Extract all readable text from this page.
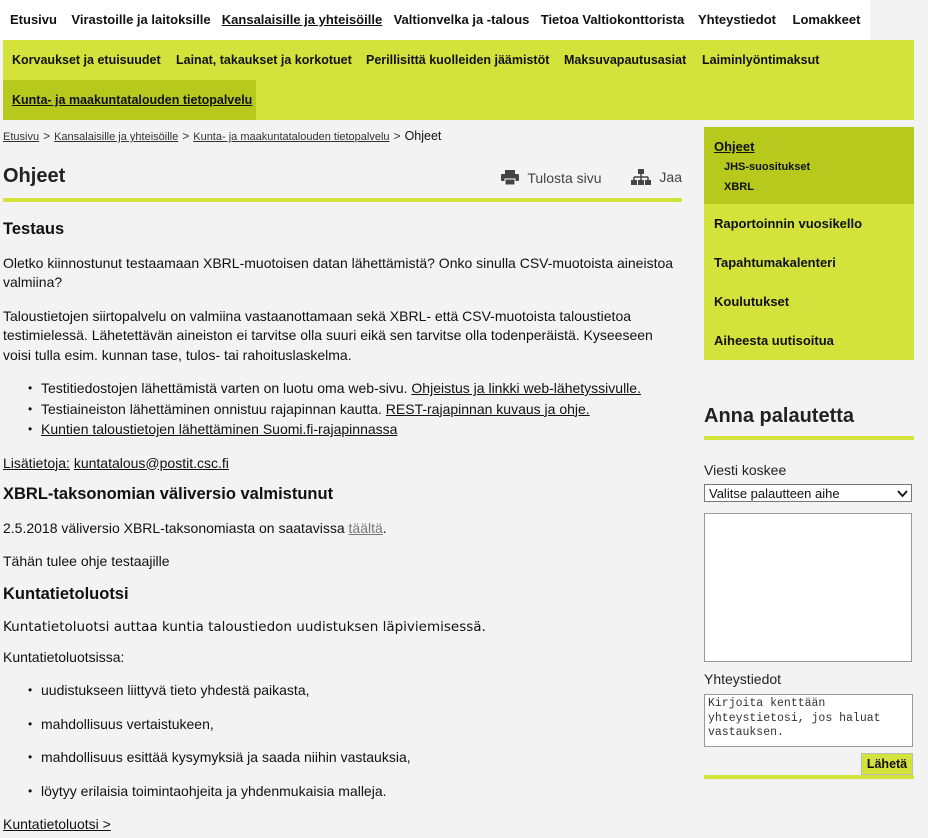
Etusivu	Virastoille ja laitoksille Kansalaisille ja yhteisöille Valtionvelka ja -talous Tietoa Valtiokonttorista	Yhteystiedot	Lomakkeet
Korvaukset ja etuisuudet Lainat, takaukset ja korkotuet Perillisittä kuolleiden jäämistöt Maksuvapautusasiat Laiminlyöntimaksut
Kunta- ja maakuntatalouden tietopalvelu
Etusivu > Kansalaisille ja yhteisöille > Kunta- ja maakuntatalouden tietopalvelu > Ohjeet
Ohjeet	Tulosta sivu
	Jaa
Testaus

Oletko kiinnostunut testaamaan XBRL-muotoisen datan lähettämistä? Onko sinulla CSV-muotoista aineistoa valmiina?

Taloustietojen siirtopalvelu on valmiina vastaanottamaan sekä XBRL- että CSV-muotoista taloustietoa testimielessä. Lähetettävän aineiston ei tarvitse olla suuri eikä sen tarvitse olla todenperäistä. Kyseeseen voisi tulla esim. kunnan tase, tulos- tai rahoituslaskelma.

• Testitiedostojen lähettämistä varten on luotu oma web-sivu. Ohjeistus ja linkki web-lähetyssivulle.
• Testiaineiston lähettäminen onnistuu rajapinnan kautta. REST-rajapinnan kuvaus ja ohje.
• Kuntien taloustietojen lähettäminen Suomi.fi-rajapinnassa

Lisätietoja: kuntatalous@postit.csc.fi

XBRL-taksonomian väliversio valmistunut

2.5.2018 väliversio XBRL-taksonomiasta on saatavissa täältä.

Tähän tulee ohje testaajille

Kuntatietoluotsi

Kuntatietoluotsi auttaa kuntia taloustiedon uudistuksen läpiviemisessä.

Kuntatietoluotsissa:

• uudistukseen liittyvä tieto yhdestä paikasta,
• mahdollisuus vertaistukeen,
• mahdollisuus esittää kysymyksiä ja saada niihin vastauksia,
• löytyy erilaisia toimintaohjeita ja yhdenmukaisia malleja.

Kuntatietoluotsi >

Ohjeet
JHS-suositukset
XBRL
Raportoinnin vuosikello
Tapahtumakalenteri
Koulutukset
Aiheesta uutisoitua
Anna palautetta
Viesti koskee
Valitse palautteen aihe
Yhteystiedot
Kirjoita kenttään yhteystietosi, jos haluat vastauksen.
Lähetä
